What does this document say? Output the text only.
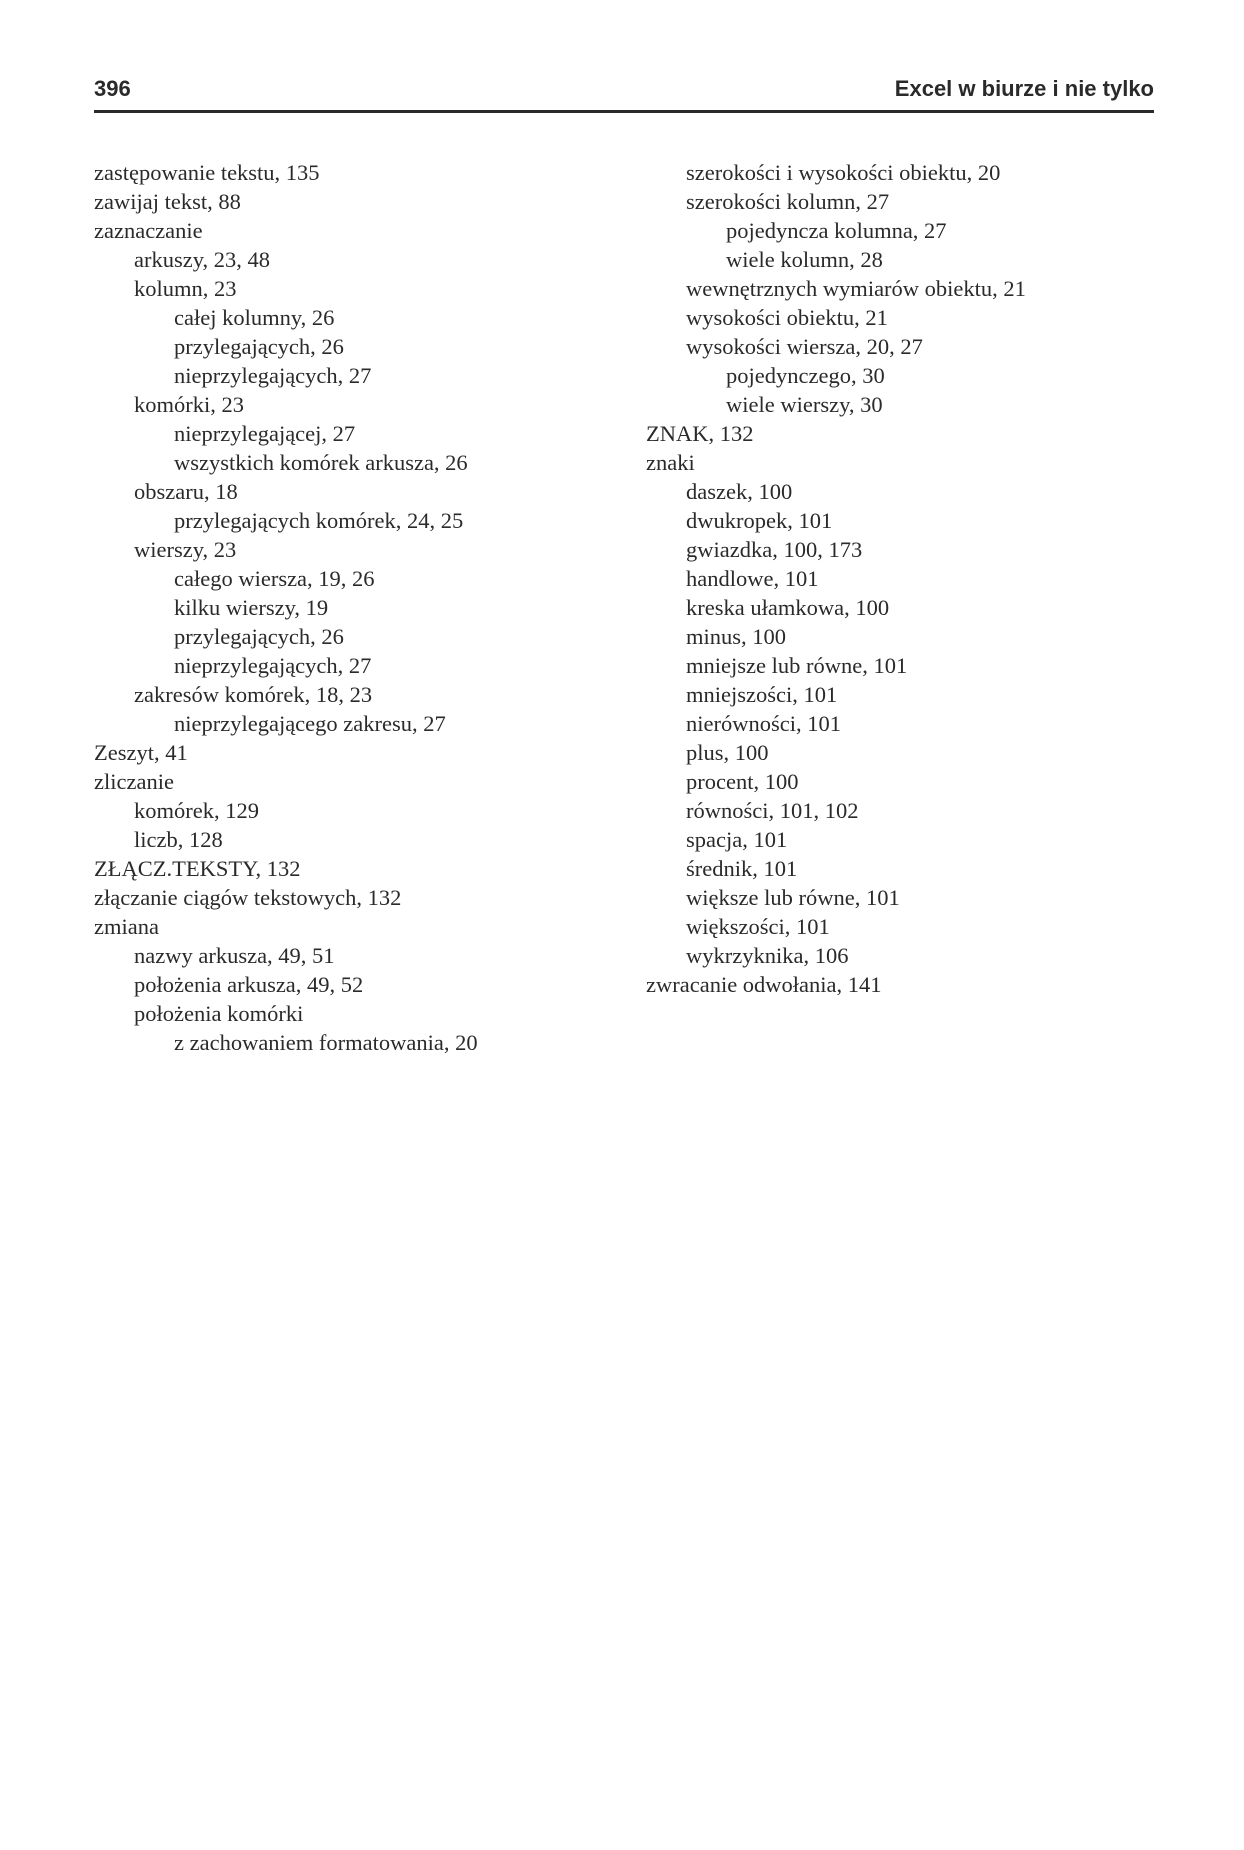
396	Excel w biurze i nie tylko

zastępowanie tekstu, 135

zawijaj tekst, 88

zaznaczanie

arkuszy, 23, 48

kolumn, 23

całej kolumny, 26

przylegających, 26

nieprzylegających, 27

komórki, 23

nieprzylegającej, 27

wszystkich komórek arkusza, 26

obszaru, 18

przylegających komórek, 24, 25

wierszy, 23

całego wiersza, 19, 26

kilku wierszy, 19

przylegających, 26

nieprzylegających, 27

zakresów komórek, 18, 23

nieprzylegającego zakresu, 27

Zeszyt, 41

zliczanie

komórek, 129

liczb, 128

ZŁĄCZ.TEKSTY, 132

złączanie ciągów tekstowych, 132

zmiana

nazwy arkusza, 49, 51

położenia arkusza, 49, 52

położenia komórki

z zachowaniem formatowania, 20

szerokości i wysokości obiektu, 20

szerokości kolumn, 27

pojedyncza kolumna, 27

wiele kolumn, 28

wewnętrznych wymiarów obiektu, 21

wysokości obiektu, 21

wysokości wiersza, 20, 27

pojedynczego, 30

wiele wierszy, 30

ZNAK, 132

znaki

daszek, 100

dwukropek, 101

gwiazdka, 100, 173

handlowe, 101

kreska ułamkowa, 100

minus, 100

mniejsze lub równe, 101

mniejszości, 101

nierówności, 101

plus, 100

procent, 100

równości, 101, 102

spacja, 101

średnik, 101

większe lub równe, 101

większości, 101

wykrzyknika, 106

zwracanie odwołania, 141
